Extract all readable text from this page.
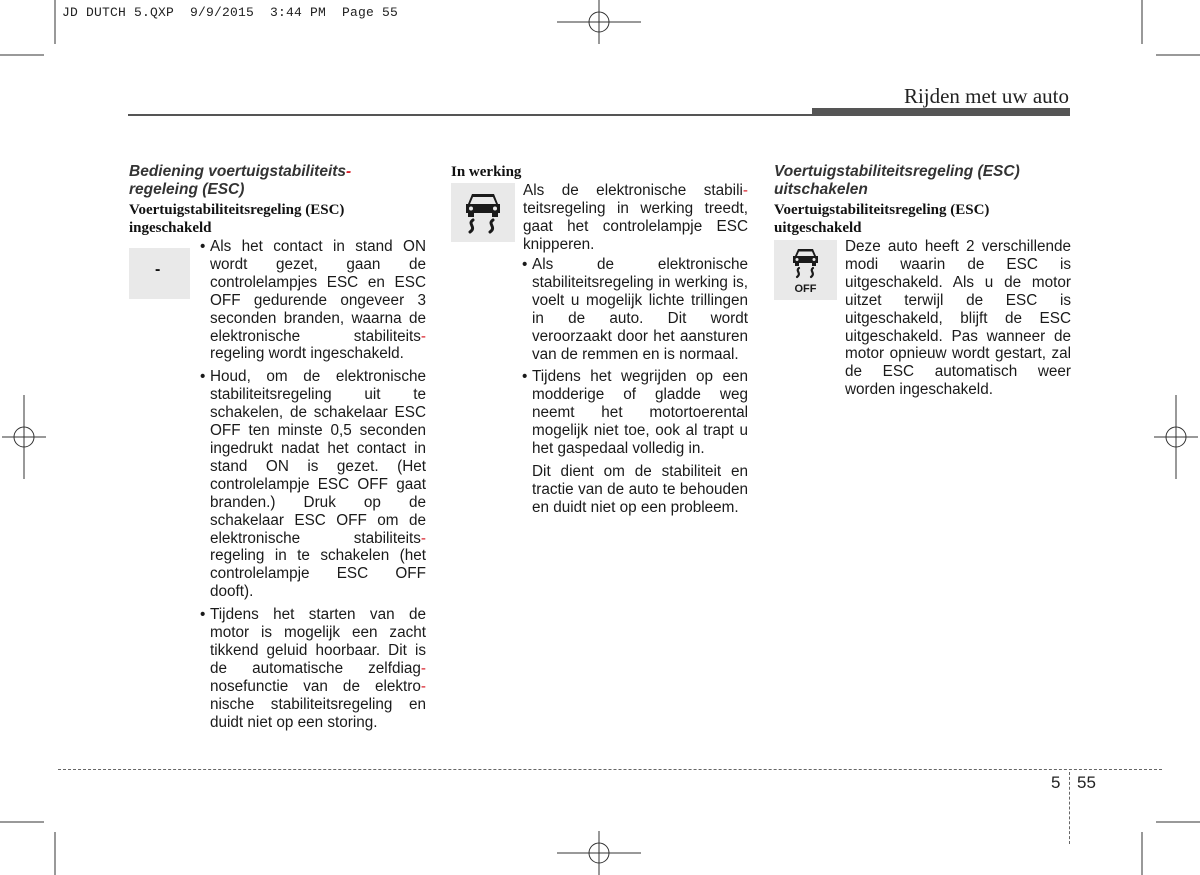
JD DUTCH 5.QXP  9/9/2015  3:44 PM  Page 55
Rijden met uw auto
Bediening voertuigstabiliteits-
regeleing (ESC)
Voertuigstabiliteitsregeling (ESC) ingeschakeld
-
• Als het contact in stand ON wordt gezet, gaan de controlelampjes ESC en ESC OFF gedurende ongeveer 3 seconden branden, waarna de elektronische stabiliteits- regeling wordt ingeschakeld.
• Houd, om de elektronische stabiliteitsregeling uit te schakelen, de schakelaar ESC OFF ten minste 0,5 seconden ingedrukt nadat het contact in stand ON is gezet. (Het controlelampje ESC OFF gaat branden.) Druk op de schakelaar ESC OFF om de elektronische stabiliteits- regeling in te schakelen (het controlelampje ESC OFF dooft).
• Tijdens het starten van de motor is mogelijk een zacht tikkend geluid hoorbaar. Dit is de automatische zelfdiag- nosefunctie van de elektro- nische stabiliteitsregeling en duidt niet op een storing.
In werking
Als de elektronische stabili- teitsregeling in werking treedt, gaat het controlelampje ESC knipperen.
• Als de elektronische stabiliteitsregeling in werking is, voelt u mogelijk lichte trillingen in de auto. Dit wordt veroorzaakt door het aansturen van de remmen en is normaal.
• Tijdens het wegrijden op een modderige of gladde weg neemt het motortoerental mogelijk niet toe, ook al trapt u het gaspedaal volledig in.
Dit dient om de stabiliteit en tractie van de auto te behouden en duidt niet op een probleem.
Voertuigstabiliteitsregeling (ESC) uitschakelen
Voertuigstabiliteitsregeling (ESC) uitgeschakeld
OFF
Deze auto heeft 2 verschillende modi waarin de ESC is uitgeschakeld. Als u de motor uitzet terwijl de ESC is uitgeschakeld, blijft de ESC uitgeschakeld. Pas wanneer de motor opnieuw wordt gestart, zal de ESC automatisch weer worden ingeschakeld.
5 55
